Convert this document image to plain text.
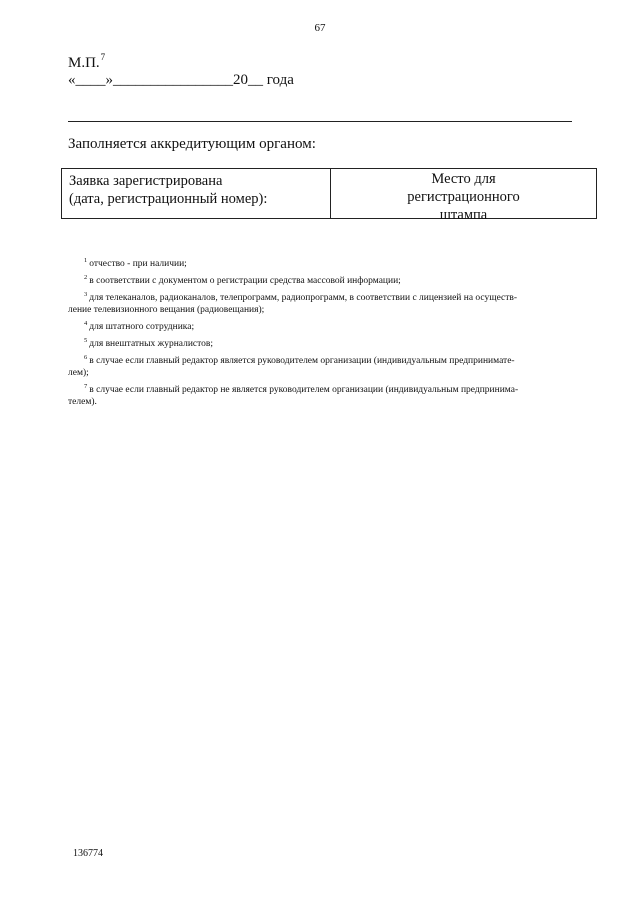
67
М.П.$^7$
«____»________________20__ года
Заполняется аккредитующим органом:
Заявка зарегистрирована
(дата, регистрационный номер):
Место для
регистрационного
штампа
$^1$ отчество - при наличии;
$^2$ в соответствии с документом о регистрации средства массовой информации;
$^3$ для телеканалов, радиоканалов, телепрограмм, радиопрограмм, в соответствии с лицензией на осуществ-
ление телевизионного вещания (радиовещания);
$^4$ для штатного сотрудника;
$^5$ для внештатных журналистов;
$^6$ в случае если главный редактор является руководителем организации (индивидуальным предпринимате-
лем);
$^7$ в случае если главный редактор не является руководителем организации (индивидуальным предпринима-
телем).
136774
